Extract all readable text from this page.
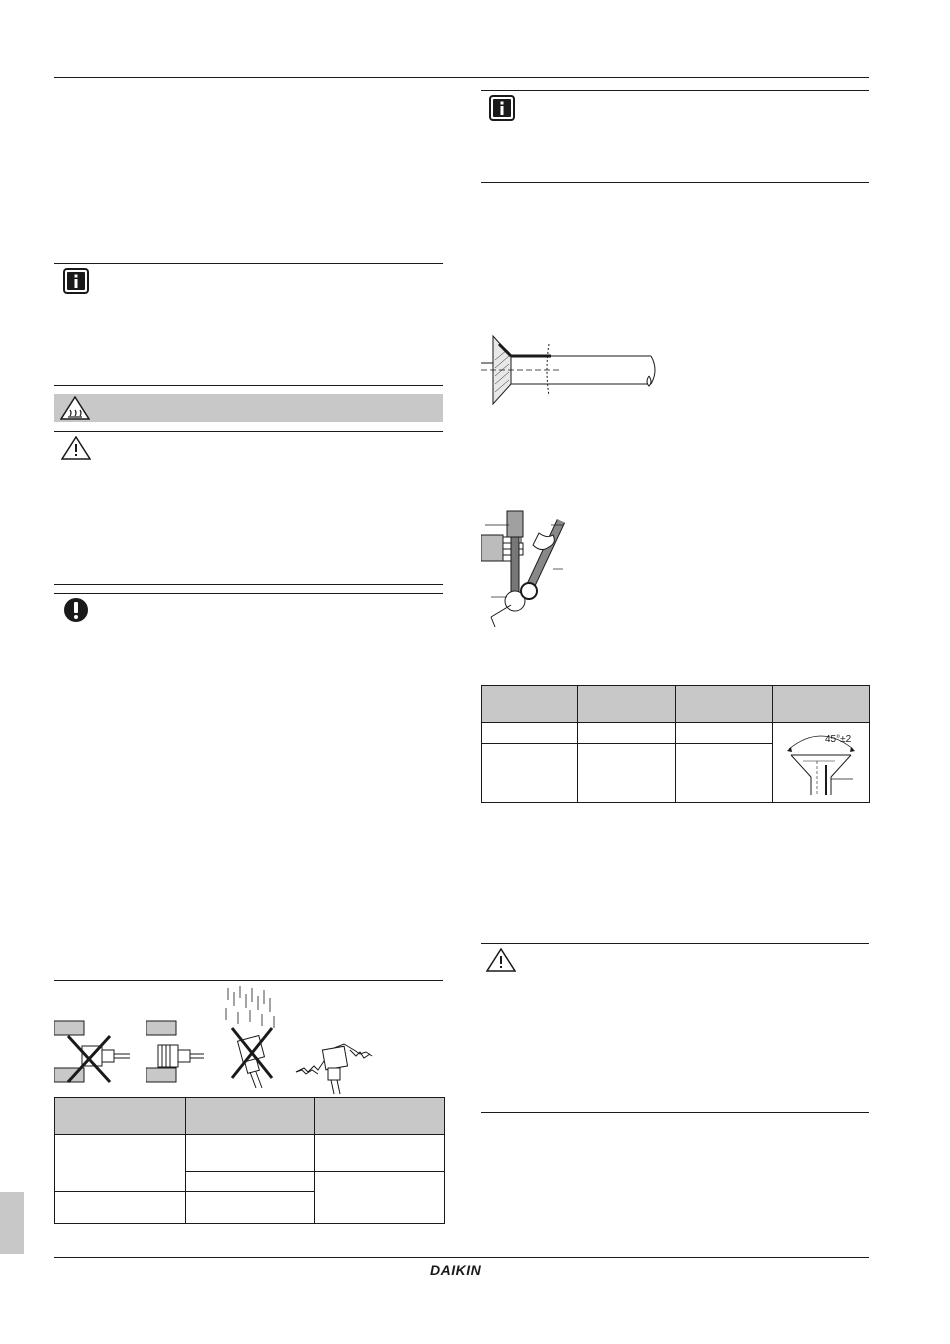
45°±2

DAIKIN
